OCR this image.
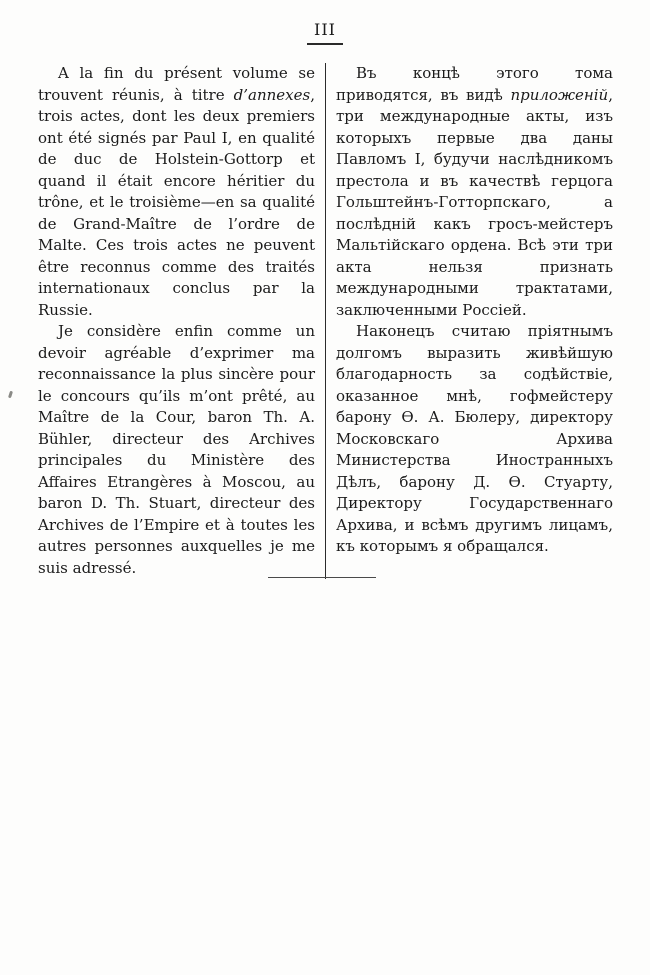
III

A la fin du présent volume se trouvent réunis, à titre d’annexes, trois actes, dont les deux premiers ont été signés par Paul I, en qualité de duc de Holstein-Gottorp et quand il était encore héritier du trône, et le troisième—en sa qualité de Grand-Maître de l’ordre de Malte. Ces trois actes ne peuvent être reconnus comme des traités internationaux conclus par la Russie.

Je considère enfin comme un devoir agréable d’exprimer ma reconnaissance la plus sincère pour le concours qu’ils m’ont prêté, au Maître de la Cour, baron Th. A. Bühler, directeur des Archives principales du Ministère des Affaires Etrangères à Moscou, au baron D. Th. Stuart, directeur des Archives de l’Empire et à toutes les autres personnes auxquelles je me suis adressé.

Въ концѣ этого тома приводятся, въ видѣ приложеній, три международные акты, изъ которыхъ первые два даны Павломъ I, будучи наслѣдникомъ престола и въ качествѣ герцога Гольштейнъ-Готторпскаго, а послѣдній какъ гросъ-мейстеръ Мальтійскаго ордена. Всѣ эти три акта нельзя признать международными трактатами, заключенными Россіей.

Наконецъ считаю пріятнымъ долгомъ выразить живѣйшую благодарность за содѣйствіе, оказанное мнѣ, гофмейстеру барону Ѳ. А. Бюлеру, директору Московскаго Архива Министерства Иностранныхъ Дѣлъ, барону Д. Ѳ. Стуарту, Директору Государственнаго Архива, и всѣмъ другимъ лицамъ, къ которымъ я обращался.
